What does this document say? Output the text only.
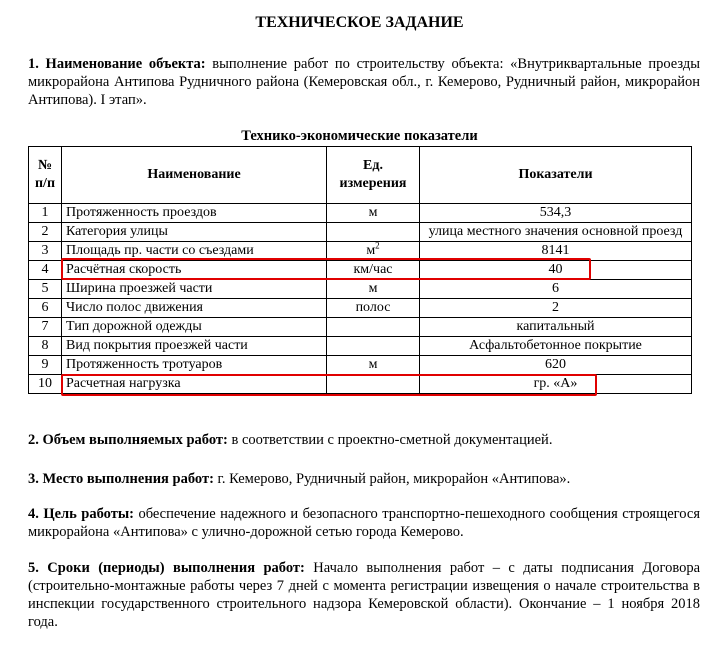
ТЕХНИЧЕСКОЕ ЗАДАНИЕ
1. Наименование объекта: выполнение работ по строительству объекта: «Внутриквартальные проезды микрорайона Антипова Рудничного района (Кемеровская обл., г. Кемерово, Рудничный район, микрорайон Антипова). I этап».
Технико-экономические показатели
№ п/п	Наименование	Ед. измерения	Показатели
1	Протяженность проездов	м	534,3
2	Категория улицы		улица местного значения основной проезд
3	Площадь пр. части со съездами	$м^2$	8141
4	Расчётная скорость	км/час	40
5	Ширина проезжей части	м	6
6	Число полос движения	полос	2
7	Тип дорожной одежды		капитальный
8	Вид покрытия проезжей части		Асфальтобетонное покрытие
9	Протяженность тротуаров	м	620
10	Расчетная нагрузка		гр. «А»
2. Объем выполняемых работ: в соответствии с проектно-сметной документацией.
3. Место выполнения работ: г. Кемерово, Рудничный район, микрорайон «Антипова».
4. Цель работы: обеспечение надежного и безопасного транспортно-пешеходного сообщения строящегося микрорайона «Антипова» с улично-дорожной сетью города Кемерово.
5. Сроки (периоды) выполнения работ: Начало выполнения работ – с даты подписания Договора (строительно-монтажные работы через 7 дней с момента регистрации извещения о начале строительства в инспекции государственного строительного надзора Кемеровской области). Окончание – 1 ноября 2018 года.
